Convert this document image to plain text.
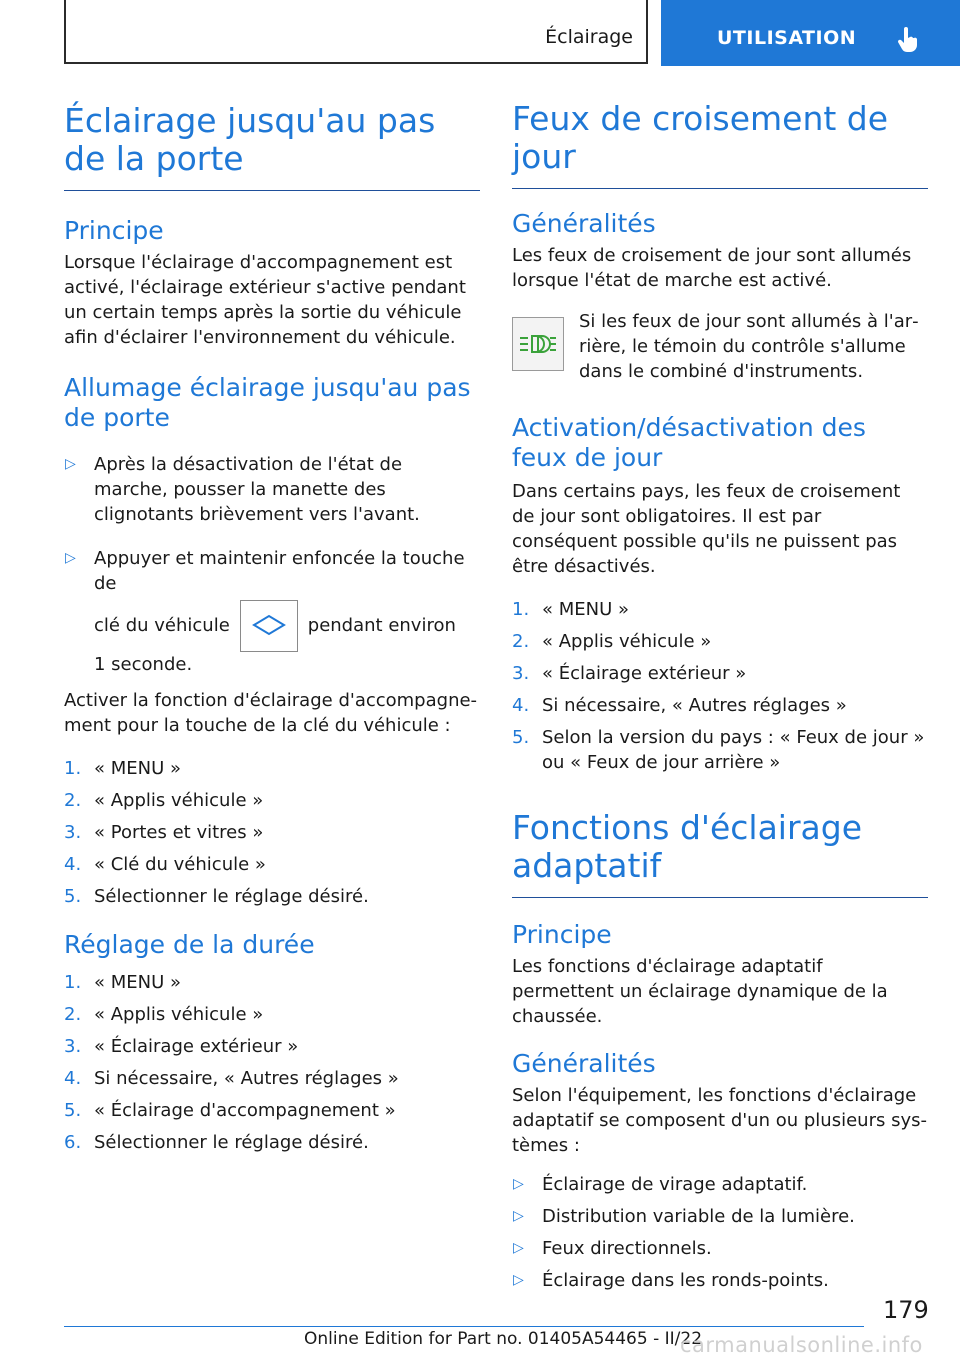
Éclairage	UTILISATION
Éclairage jusqu'au pas de la porte
Principe

Lorsque l'éclairage d'accompagnement est activé, l'éclairage extérieur s'active pendant un certain temps après la sortie du véhicule afin d'éclairer l'environnement du véhicule.

Allumage éclairage jusqu'au pas de porte
▷ Après la désactivation de l'état de marche, pousser la manette des clignotants brièvement vers l'avant.
▷ Appuyer et maintenir enfoncée la touche de
clé du véhicule	pendant environ
1 seconde.

Activer la fonction d'éclairage d'accompagnement pour la touche de la clé du véhicule :

1. « MENU »
2. « Applis véhicule »
3. « Portes et vitres »
4. « Clé du véhicule »
5. Sélectionner le réglage désiré.
Réglage de la durée
1. « MENU »
2. « Applis véhicule »
3. « Éclairage extérieur »
4. Si nécessaire, « Autres réglages »
5. « Éclairage d'accompagnement »
6. Sélectionner le réglage désiré.
Feux de croisement de jour
Généralités

Les feux de croisement de jour sont allumés lorsque l'état de marche est activé.

Si les feux de jour sont allumés à l'arrière, le témoin du contrôle s'allume dans le combiné d'instruments.

Activation/désactivation des feux de jour

Dans certains pays, les feux de croisement de jour sont obligatoires. Il est par conséquent possible qu'ils ne puissent pas être désactivés.

1. « MENU »
2. « Applis véhicule »
3. « Éclairage extérieur »
4. Si nécessaire, « Autres réglages »
5. Selon la version du pays : « Feux de jour » ou « Feux de jour arrière »
Fonctions d'éclairage adaptatif
Principe

Les fonctions d'éclairage adaptatif permettent un éclairage dynamique de la chaussée.

Généralités

Selon l'équipement, les fonctions d'éclairage adaptatif se composent d'un ou plusieurs systèmes :

▷ Éclairage de virage adaptatif.
▷ Distribution variable de la lumière.
▷ Feux directionnels.
▷ Éclairage dans les ronds-points.
179
Online Edition for Part no. 01405A54465 - II/22
carmanualsonline.info
